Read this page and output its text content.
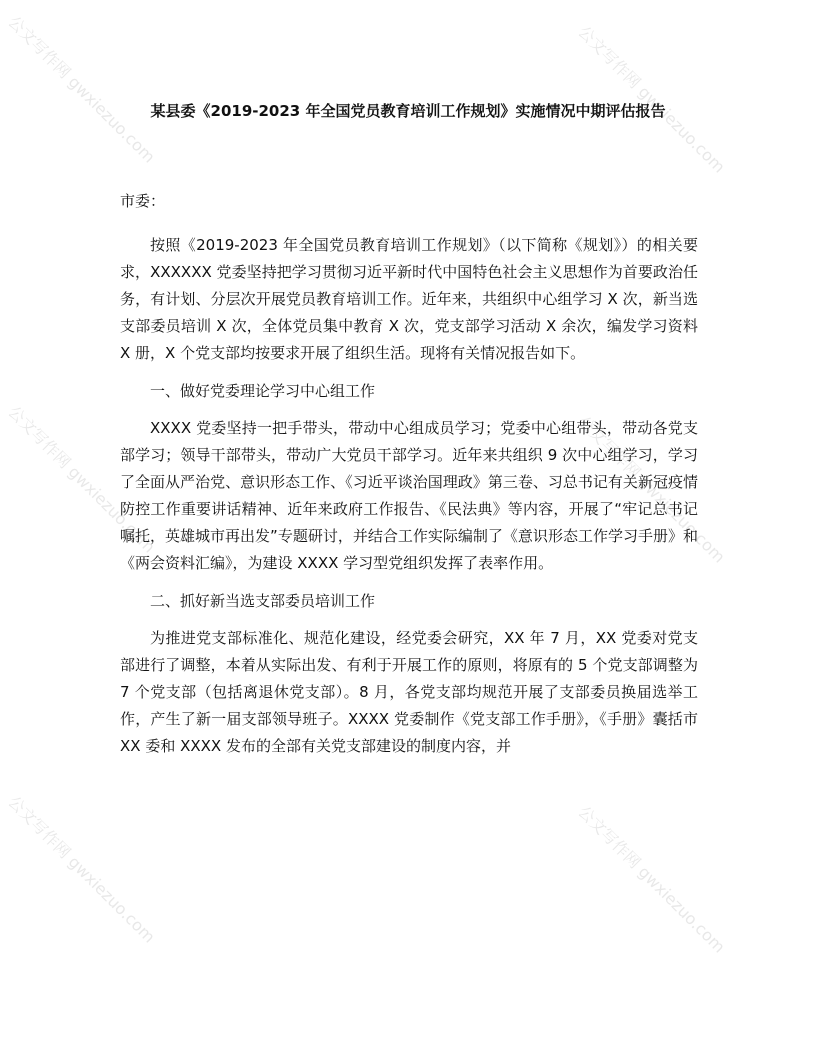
公文写作网 gwxiezuo.com	公文写作网 gwxiezuo.com
公文写作网 gwxiezuo.com	公文写作网 gwxiezuo.com
公文写作网 gwxiezuo.com	公文写作网 gwxiezuo.com
某县委《2019-2023 年全国党员教育培训工作规划》实施情况中期评估报告
市委：

按照《2019-2023 年全国党员教育培训工作规划》（以下简称《规划》）的相关要求，XXXXXX 党委坚持把学习贯彻习近平新时代中国特色社会主义思想作为首要政治任务，有计划、分层次开展党员教育培训工作。近年来，共组织中心组学习 X 次，新当选支部委员培训 X 次，全体党员集中教育 X 次，党支部学习活动 X 余次，编发学习资料 X 册，X 个党支部均按要求开展了组织生活。现将有关情况报告如下。

一、做好党委理论学习中心组工作

XXXX 党委坚持一把手带头，带动中心组成员学习；党委中心组带头，带动各党支部学习；领导干部带头，带动广大党员干部学习。近年来共组织 9 次中心组学习，学习了全面从严治党、意识形态工作、《习近平谈治国理政》第三卷、习总书记有关新冠疫情防控工作重要讲话精神、近年来政府工作报告、《民法典》等内容，开展了“牢记总书记嘱托，英雄城市再出发”专题研讨，并结合工作实际编制了《意识形态工作学习手册》和《两会资料汇编》，为建设 XXXX 学习型党组织发挥了表率作用。

二、抓好新当选支部委员培训工作

为推进党支部标准化、规范化建设，经党委会研究，XX 年 7 月，XX 党委对党支部进行了调整，本着从实际出发、有利于开展工作的原则，将原有的 5 个党支部调整为 7 个党支部（包括离退休党支部）。8 月，各党支部均规范开展了支部委员换届选举工作，产生了新一届支部领导班子。XXXX 党委制作《党支部工作手册》，《手册》囊括市 XX 委和 XXXX 发布的全部有关党支部建设的制度内容，并
